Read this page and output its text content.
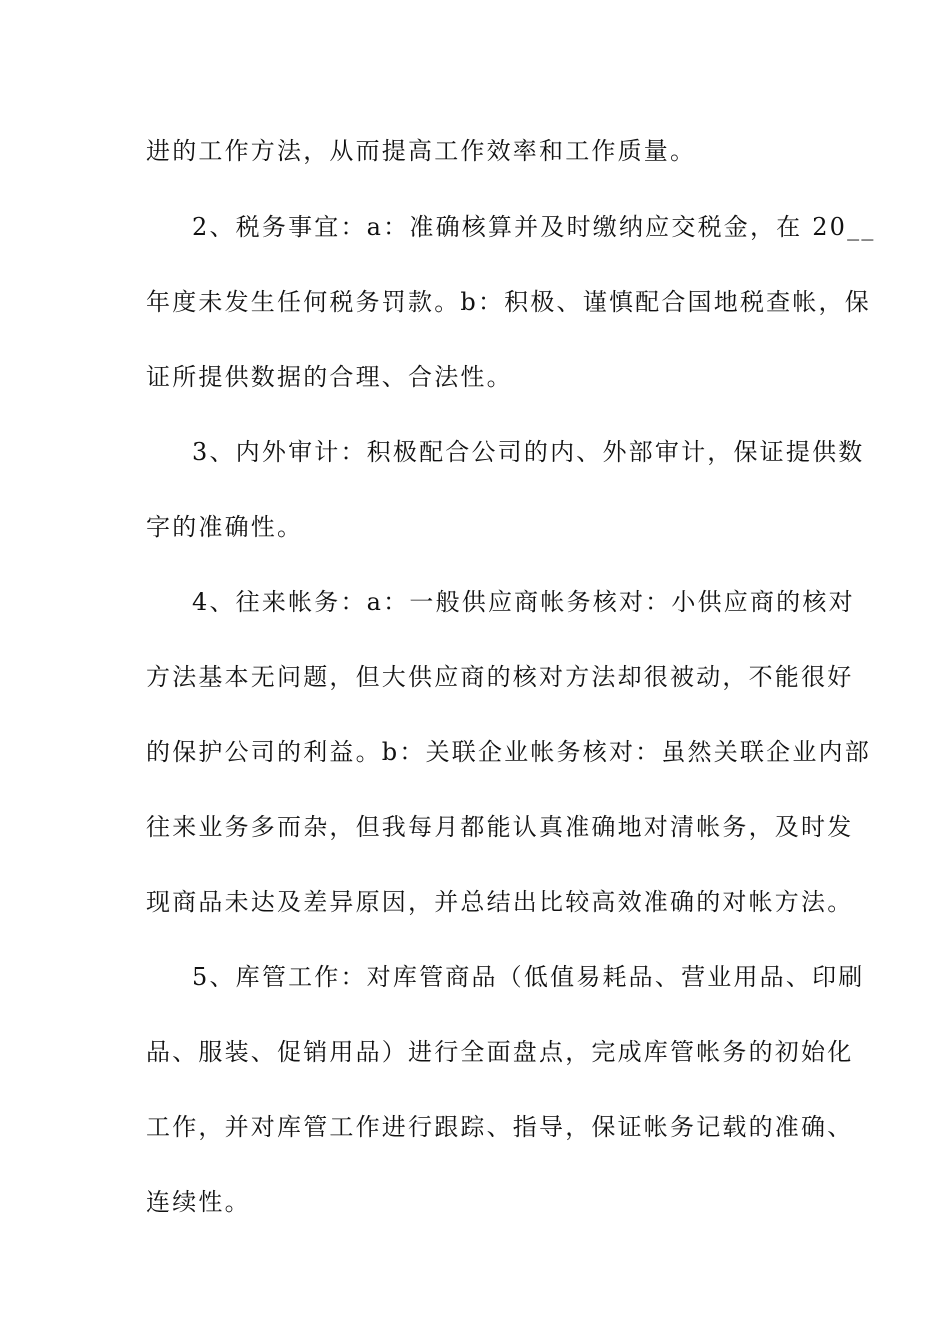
进的工作方法，从而提高工作效率和工作质量。
2、税务事宜：a：准确核算并及时缴纳应交税金，在 20__
年度未发生任何税务罚款。b：积极、谨慎配合国地税查帐，保
证所提供数据的合理、合法性。
3、内外审计：积极配合公司的内、外部审计，保证提供数
字的准确性。
4、往来帐务：a：一般供应商帐务核对：小供应商的核对
方法基本无问题，但大供应商的核对方法却很被动，不能很好
的保护公司的利益。b：关联企业帐务核对：虽然关联企业内部
往来业务多而杂，但我每月都能认真准确地对清帐务，及时发
现商品未达及差异原因，并总结出比较高效准确的对帐方法。
5、库管工作：对库管商品（低值易耗品、营业用品、印刷
品、服装、促销用品）进行全面盘点，完成库管帐务的初始化
工作，并对库管工作进行跟踪、指导，保证帐务记载的准确、
连续性。
